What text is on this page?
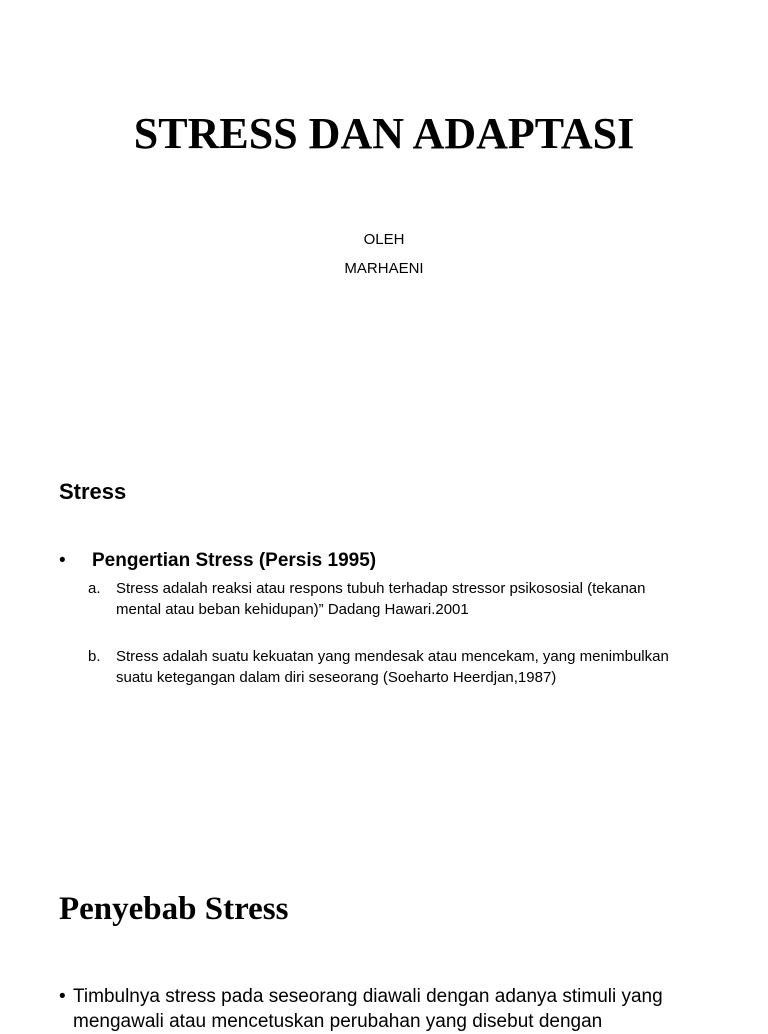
STRESS DAN ADAPTASI
OLEH
MARHAENI
Stress
• Pengertian Stress (Persis 1995)
a.	Stress adalah reaksi atau respons tubuh terhadap stressor psikososial (tekanan mental atau beban kehidupan)” Dadang Hawari.2001
b.	Stress adalah suatu kekuatan yang mendesak atau mencekam, yang menimbulkan suatu ketegangan dalam diri seseorang (Soeharto Heerdjan,1987)
Penyebab Stress
• Timbulnya stress pada seseorang diawali dengan adanya stimuli yang mengawali atau mencetuskan perubahan yang disebut dengan
